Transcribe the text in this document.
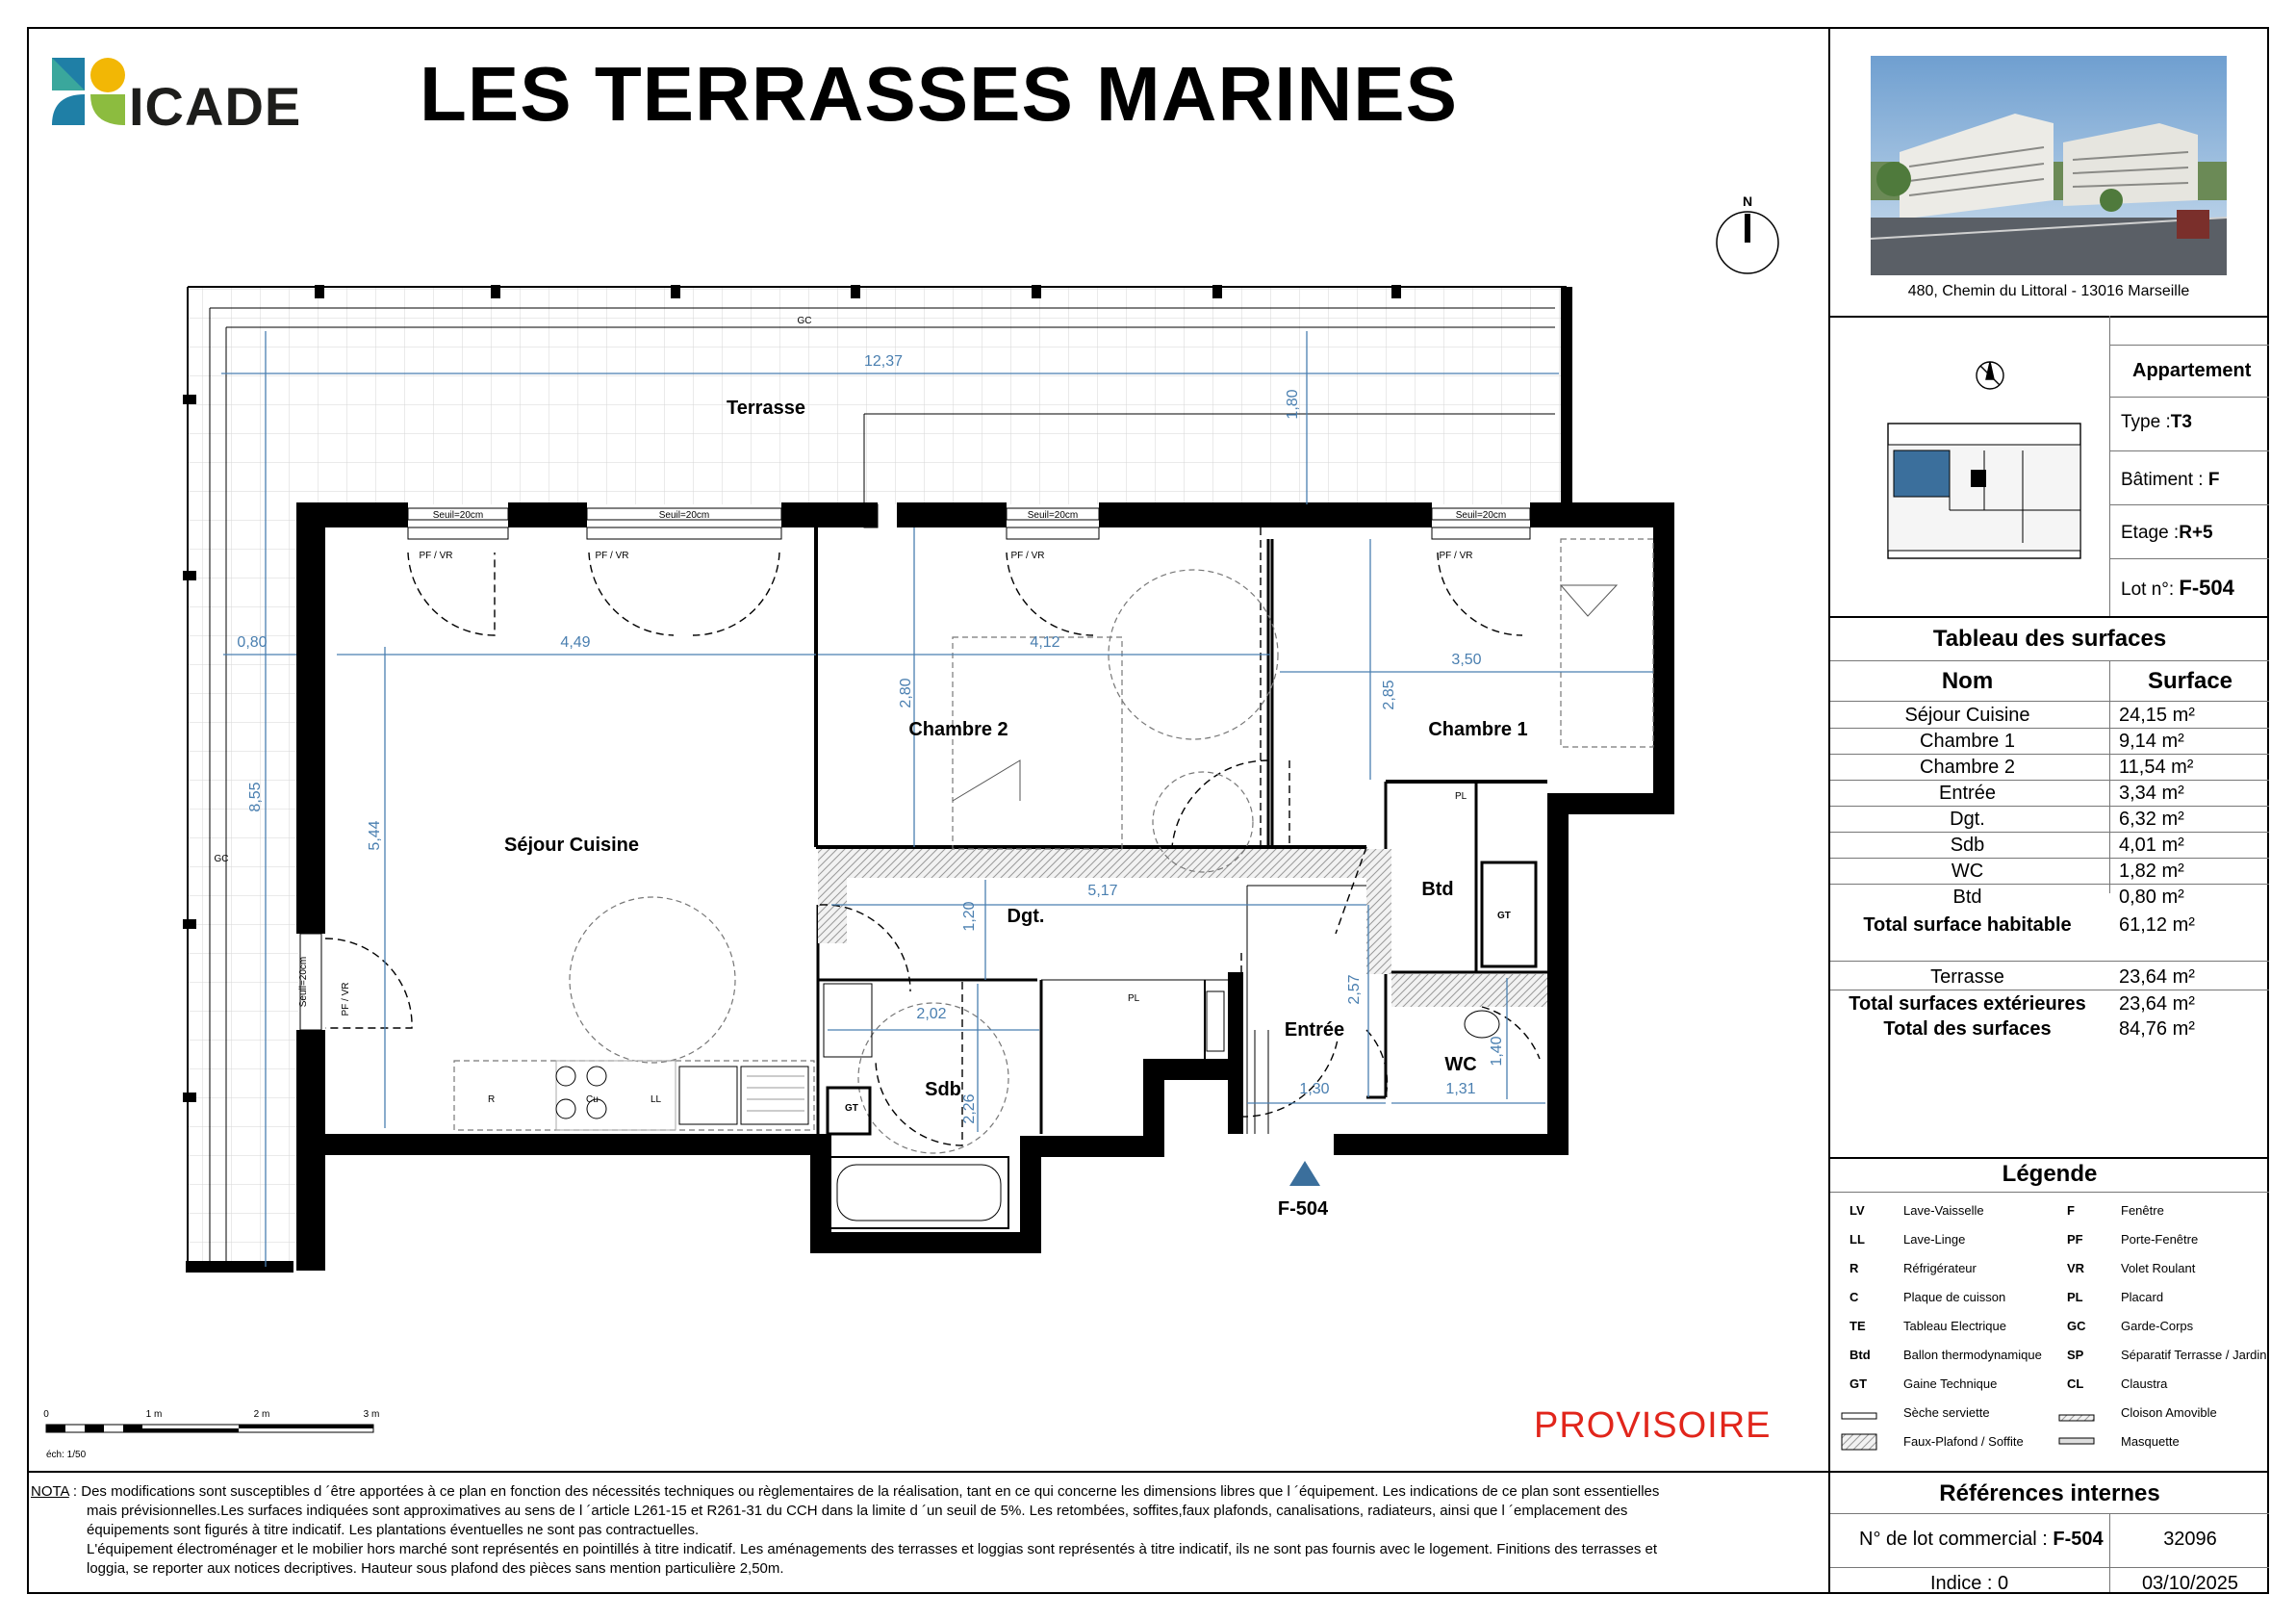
ICADE LES TERRASSES MARINES
N
Terrasse
GC
GC
Seuil=20cm	Seuil=20cm	Seuil=20cm	Seuil=20cm
PF / VR	PF / VR	PF / VR	PF / VR
Seuil=20cm	PF / VR
R	Cu	LL
GT
GT
PL
PL
12,37
1,80
0,80	4,49	4,12
3,50
2,80	2,85
8,55
5,44
5,17
1,20
2,02
2,26
2,57
1,30	1,31
1,40
Séjour Cuisine
Chambre 2	Chambre 1
Dgt.
Sdb
Entrée
Btd
WC
F-504
0	1 m	2 m	3 m
éch: 1/50
PROVISOIRE
NOTA : Des modifications sont susceptibles d ´être apportées à ce plan en fonction des nécessités techniques ou règlementaires de la réalisation, tant en ce qui concerne les dimensions libres que l ´équipement. Les indications de ce plan sont essentielles
mais prévisionnelles.Les surfaces indiquées sont approximatives au sens de l ´article L261-15 et R261-31 du CCH dans la limite d ´un seuil de 5%. Les retombées, soffites,faux plafonds, canalisations, radiateurs, ainsi que l ´emplacement des
équipements sont figurés à titre indicatif. Les plantations éventuelles ne sont pas contractuelles.
L'équipement électroménager et le mobilier hors marché sont représentés en pointillés à titre indicatif. Les aménagements des terrasses et loggias sont représentés à titre indicatif, ils ne sont pas fournis avec le logement. Finitions des terrasses et
loggia, se reporter aux notices decriptives. Hauteur sous plafond des pièces sans mention particulière 2,50m.
Appartement
Type :T3
Bâtiment : F
Etage :R+5
Lot n°: F-504
Tableau des surfaces
Nom	Surface
Séjour Cuisine	24,15 m²
Chambre 1	9,14 m²
Chambre 2	11,54 m²
Entrée	3,34 m²
Dgt.	6,32 m²
Sdb	4,01 m²
WC	1,82 m²
Btd	0,80 m²
Total surface habitable	61,12 m²
Terrasse	23,64 m²
Total surfaces extérieures	23,64 m²
Total des surfaces	84,76 m²
Légende
LV	Lave-Vaisselle
LL	Lave-Linge
R	Réfrigérateur
C	Plaque de cuisson
TE	Tableau Electrique
Btd	Ballon thermodynamique
GT	Gaine Technique
Sèche serviette
Faux-Plafond / Soffite
F	Fenêtre
PF	Porte-Fenêtre
VR	Volet Roulant
PL	Placard
GC	Garde-Corps
SP	Séparatif Terrasse / Jardin
CL	Claustra
Cloison Amovible
Masquette
Références internes
N° de lot commercial : F-504	32096
Indice : 0	03/10/2025
480, Chemin du Littoral - 13016 Marseille
